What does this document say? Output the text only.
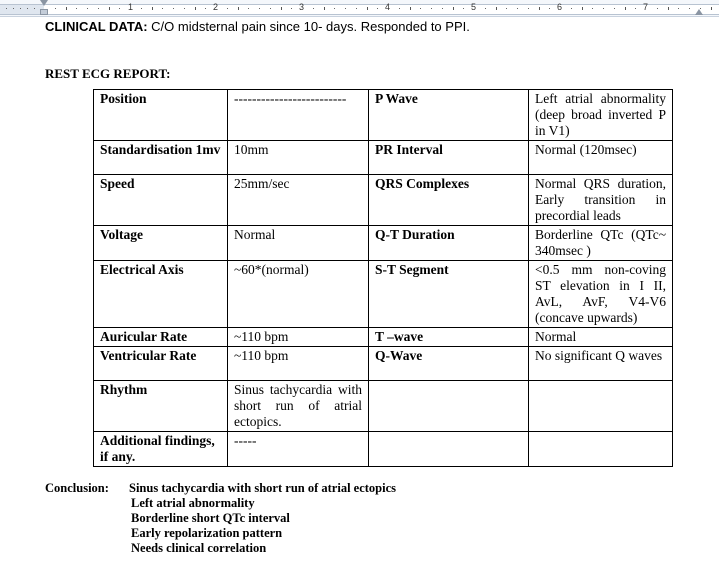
1	2	3	4	5	6	7
CLINICAL DATA: C/O midsternal pain since 10- days. Responded to PPI.
REST ECG REPORT:
Position	-------------------------	P Wave	Left atrial abnormality (deep broad inverted P in V1)
Standardisation 1mv	10mm	PR Interval	Normal (120msec)
Speed	25mm/sec	QRS Complexes	Normal QRS duration, Early transition in precordial leads
Voltage	Normal	Q-T Duration	Borderline QTc (QTc~ 340msec )
Electrical Axis	~60*(normal)	S-T Segment	<0.5 mm non-coving ST elevation in I II, AvL, AvF, V4-V6 (concave upwards)
Auricular Rate	~110 bpm	T –wave	Normal
Ventricular Rate	~110 bpm	Q-Wave	No significant Q waves
Rhythm	Sinus tachycardia with short run of atrial ectopics.		
Additional findings, if any.	-----		
Conclusion: Sinus tachycardia with short run of atrial ectopics
Left atrial abnormality
Borderline short QTc interval
Early repolarization pattern
Needs clinical correlation
